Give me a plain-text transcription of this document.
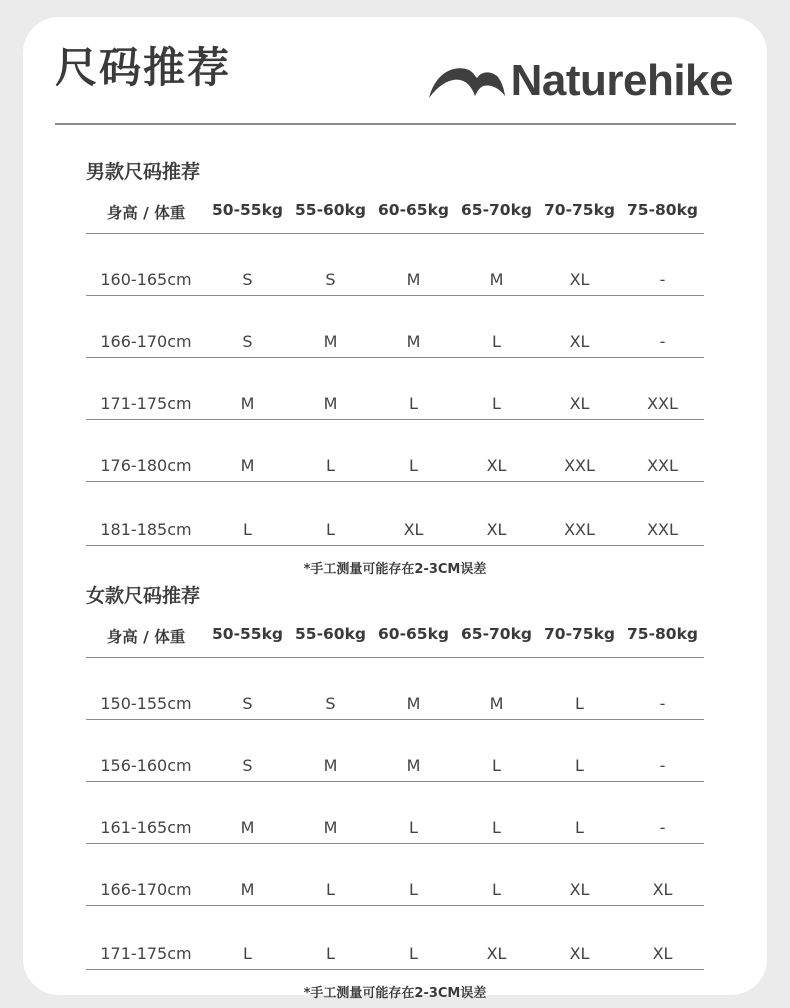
尺码推荐	Naturehike
男款尺码推荐
身高 / 体重	50-55kg	55-60kg	60-65kg	65-70kg	70-75kg	75-80kg
160-165cm	S	S	M	M	XL	-
166-170cm	S	M	M	L	XL	-
171-175cm	M	M	L	L	XL	XXL
176-180cm	M	L	L	XL	XXL	XXL
181-185cm	L	L	XL	XL	XXL	XXL
*手工测量可能存在2-3CM误差
女款尺码推荐
身高 / 体重	50-55kg	55-60kg	60-65kg	65-70kg	70-75kg	75-80kg
150-155cm	S	S	M	M	L	-
156-160cm	S	M	M	L	L	-
161-165cm	M	M	L	L	L	-
166-170cm	M	L	L	L	XL	XL
171-175cm	L	L	L	XL	XL	XL
*手工测量可能存在2-3CM误差
